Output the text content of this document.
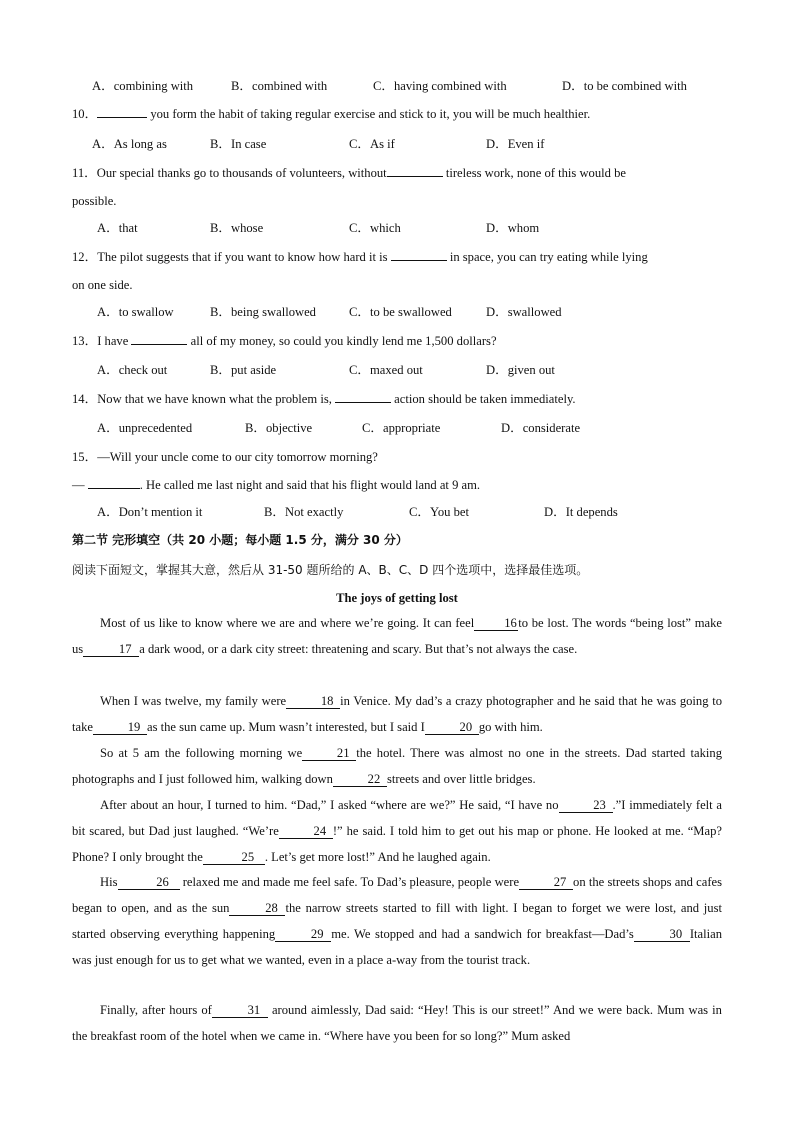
A．combining with	B．combined with	C．having combined with	D．to be combined with
10．	you form the habit of taking regular exercise and stick to it, you will be much healthier.
A．As long as	B．In case	C．As if	D．Even if
11．Our special thanks go to thousands of volunteers, without	tireless work, none of this would be
possible.
A．that	B．whose	C．which	D．whom
12．The pilot suggests that if you want to know how hard it is	in space, you can try eating while lying
on one side.
A．to swallow	B．being swallowed	C．to be swallowed	D．swallowed
13．I have	all of my money, so could you kindly lend me 1,500 dollars?
A．check out	B．put aside	C．maxed out	D．given out
14．Now that we have known what the problem is,	action should be taken immediately.
A．unprecedented	B．objective	C．appropriate	D．considerate
15．—Will your uncle come to our city tomorrow morning?
—	. He called me last night and said that his flight would land at 9 am.
A．Don’t mention it	B．Not exactly	C．You bet	D．It depends
第二节 完形填空（共 20 小题；每小题 1.5 分，满分 30 分）
阅读下面短文，掌握其大意，然后从 31-50 题所给的 A、B、C、D 四个选项中，选择最佳选项。
The joys of getting lost

Most of us like to know where we are and where we’re going. It can feel 16to be lost. The words “being lost” make us	17 a dark wood, or a dark city street: threatening and scary. But that’s not always the case.

When I was twelve, my family were	18 in Venice. My dad’s a crazy photographer and he said that he was going to take	19 as the sun came up. Mum wasn’t interested, but I said I	20 go with him.

So at 5 am the following morning we	21 the hotel. There was almost no one in the streets. Dad started taking photographs and I just followed him, walking down	22 streets and over little bridges.

After about an hour, I turned to him. “Dad,” I asked “where are we?” He said, “I have no	23 .”I immediately felt a bit scared, but Dad just laughed. “We’re	24 !” he said. I told him to get out his map or phone. He looked at me. “Map? Phone? I only brought the	25 . Let’s get more lost!” And he laughed again.

His	26 relaxed me and made me feel safe. To Dad’s pleasure, people were	27 on the streets shops and cafes began to open, and as the sun	28 the narrow streets started to fill with light. I began to forget we were lost, and just started observing everything happening	29 me. We stopped and had a sandwich for breakfast—Dad’s	30 Italian was just enough for us to get what we wanted, even in a place a-way from the tourist track.

Finally, after hours of	31 around aimlessly, Dad said: “Hey! This is our street!” And we were back. Mum was in the breakfast room of the hotel when we came in. “Where have you been for so long?” Mum asked
